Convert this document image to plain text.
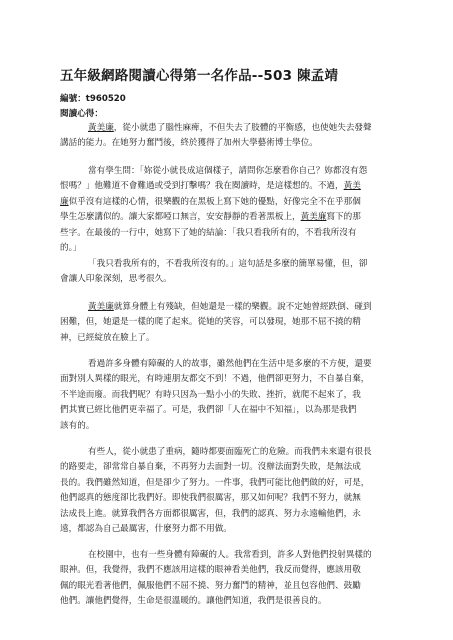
五年級網路閱讀心得第一名作品--503 陳孟靖
編號：t960520
閱讀心得：
黃美廉，從小就患了腦性麻痺，不但失去了肢體的平衡感，也使她失去發聲
講話的能力。在她努力奮鬥後，終於獲得了加州大學藝術博士學位。
當有學生問：「妳從小就長成這個樣子，請問你怎麼看你自己？妳都沒有怨
恨嗎？」他難道不會難過或受到打擊嗎？我在閱讀時，是這樣想的。不過，黃美
廉似乎沒有這樣的心情，很樂觀的在黑板上寫下她的優點，好像完全不在乎那個
學生怎麼講似的。讓大家都啞口無言，安安靜靜的看著黑板上，黃美廉寫下的那
些字。在最後的一行中，她寫下了她的結論：「我只看我所有的，不看我所沒有
的。」
「我只看我所有的，不看我所沒有的。」這句話是多麼的簡單易懂，但，卻
會讓人印象深刻，思考很久。
黃美廉就算身體上有殘缺，但她還是一樣的樂觀。說不定她曾經跌倒、碰到
困難，但，她還是一樣的爬了起來。從她的笑容，可以發現，她那不屈不撓的精
神，已經綻放在臉上了。
看過許多身體有障礙的人的故事，雖然他們在生活中是多麼的不方便，還要
面對別人異樣的眼光，有時連朋友都交不到！不過，他們卻更努力，不自暴自棄，
不半途而廢。而我們呢？有時只因為一點小小的失敗、挫折，就爬不起來了，我
們其實已經比他們更幸福了。可是，我們卻「人在福中不知福」，以為那是我們
該有的。
有些人，從小就患了重病，隨時都要面臨死亡的危險。而我們未來還有很長
的路要走，卻常常自暴自棄，不再努力去面對一切。沒辦法面對失敗，是無法成
長的。我們雖然知道，但是卻少了努力。一件事，我們可能比他們做的好，可是，
他們認真的態度卻比我們好。即使我們很厲害，那又如何呢？我們不努力，就無
法成長上進。就算我們各方面都很厲害，但，我們的認真、努力永遠輸他們，永
遠，都認為自己最厲害，什麼努力都不用做。
在校園中，也有一些身體有障礙的人。我常看到，許多人對他們投射異樣的
眼神。但，我覺得，我們不應該用這樣的眼神看美他們，我反而覺得，應該用敬
佩的眼光看著他們，佩服他們不屈不撓、努力奮鬥的精神，並且包容他們、鼓勵
他們。讓他們覺得，生命是很溫暖的。讓他們知道，我們是很善良的。
